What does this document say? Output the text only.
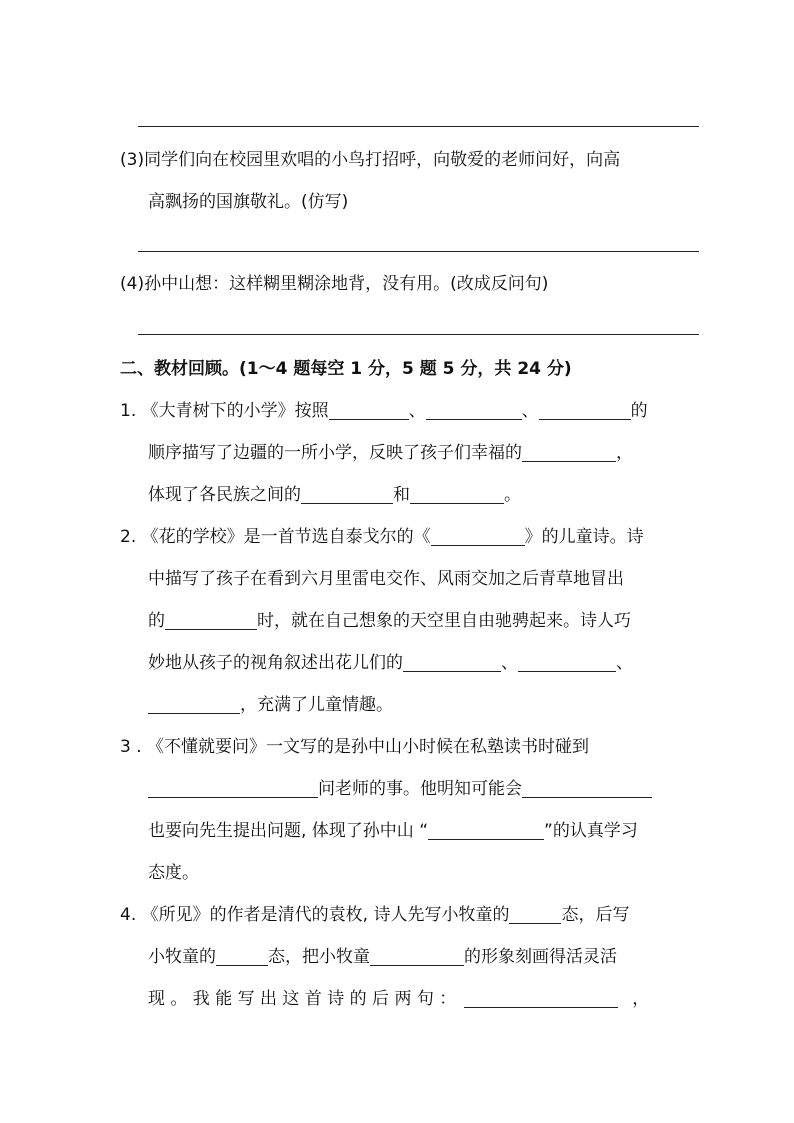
(3)同学们向在校园里欢唱的小鸟打招呼，向敬爱的老师问好，向高
高飘扬的国旗敬礼。(仿写)
(4)孙中山想：这样糊里糊涂地背，没有用。(改成反问句)
二、教材回顾。(1～4 题每空 1 分，5 题 5 分，共 24 分)
1. 《大青树下的小学》按照	、	、	的
顺序描写了边疆的一所小学，反映了孩子们幸福的	，
体现了各民族之间的	和	。
2. 《花的学校》是一首节选自泰戈尔的《	》的儿童诗。诗
中描写了孩子在看到六月里雷电交作、风雨交加之后青草地冒出
的	时，就在自己想象的天空里自由驰骋起来。诗人巧
妙地从孩子的视角叙述出花儿们的	、	、
，充满了儿童情趣。
3 . 《不懂就要问》一文写的是孙中山小时候在私塾读书时碰到
问老师的事。他明知可能会
也要向先生提出问题, 体现了孙中山 “	”的认真学习
态度。
4. 《所见》的作者是清代的袁枚, 诗人先写小牧童的	态，后写
小牧童的	态，把小牧童	的形象刻画得活灵活
现 。 我 能 写 出 这 首 诗 的 后 两 句 ：	，
